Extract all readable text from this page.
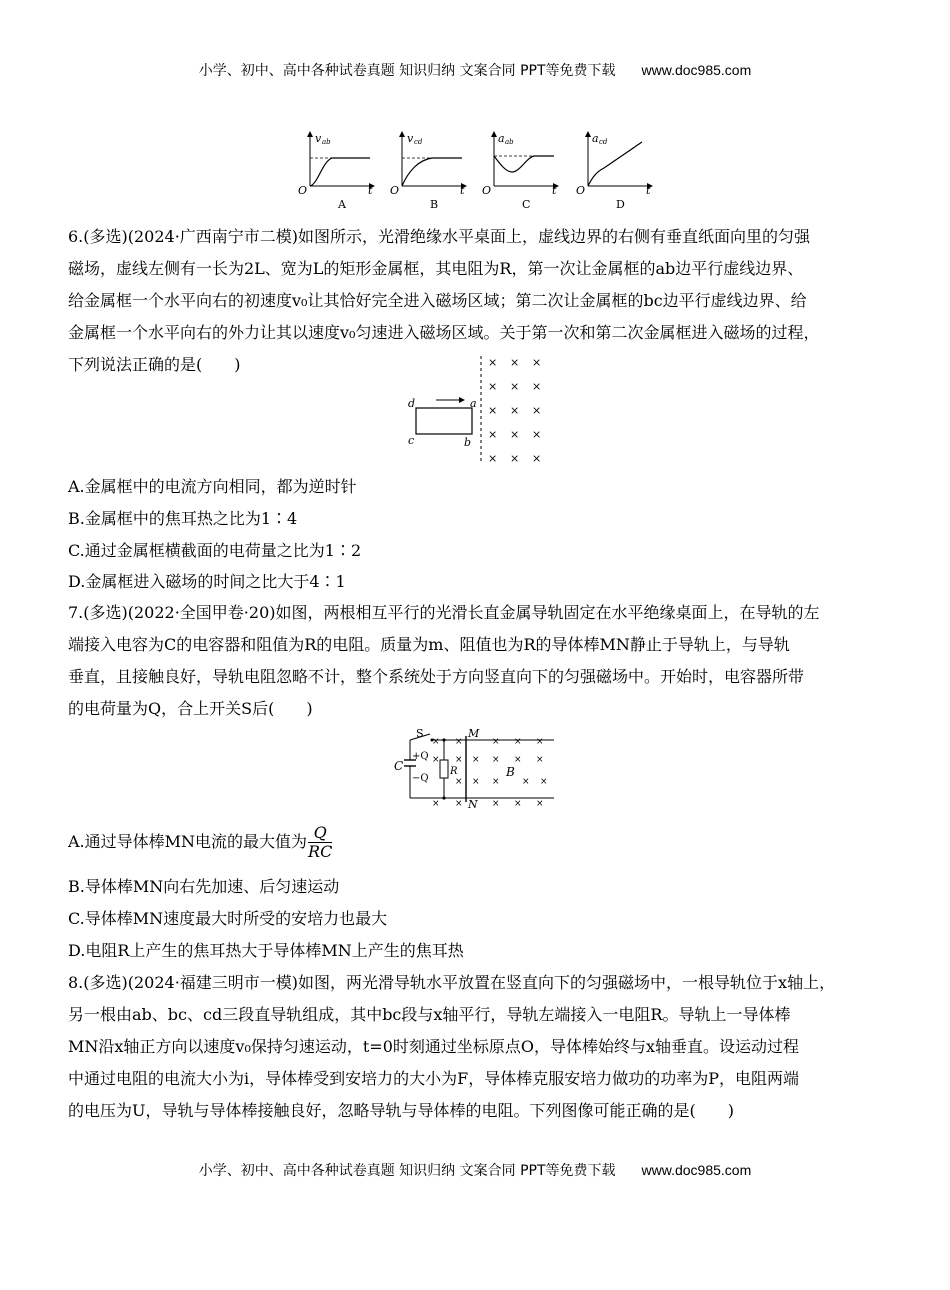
小学、初中、高中各种试卷真题 知识归纳 文案合同 PPT等免费下载 www.doc985.com
v ab
O	t
A
v cd
O	t
B
a ab
O	t
C
a cd
O	t
D
6.(多选)(2024·广西南宁市二模)如图所示，光滑绝缘水平桌面上，虚线边界的右侧有垂直纸面向里的匀强
磁场，虚线左侧有一长为2L、宽为L的矩形金属框，其电阻为R，第一次让金属框的ab边平行虚线边界、
给金属框一个水平向右的初速度v₀让其恰好完全进入磁场区域；第二次让金属框的bc边平行虚线边界、给
金属框一个水平向右的外力让其以速度v₀匀速进入磁场区域。关于第一次和第二次金属框进入磁场的过程，
下列说法正确的是(　　)
d	a
c	b
× × ×
× × ×
× × ×
× × ×
× × ×
A.金属框中的电流方向相同，都为逆时针
B.金属框中的焦耳热之比为1∶4
C.通过金属框横截面的电荷量之比为1∶2
D.金属框进入磁场的时间之比大于4∶1
7.(多选)(2022·全国甲卷·20)如图，两根相互平行的光滑长直金属导轨固定在水平绝缘桌面上，在导轨的左
端接入电容为C的电容器和阻值为R的电阻。质量为m、阻值也为R的导体棒MN静止于导轨上，与导轨
垂直，且接触良好，导轨电阻忽略不计，整个系统处于方向竖直向下的匀强磁场中。开始时，电容器所带
的电荷量为Q，合上开关S后(　　)
S	M
N
C
+Q
−Q
R	B
× ×	× × ×
× × × × × ×
× × × × ×
× ×	× × ×
A.通过导体棒MN电流的最大值为 $\frac{Q}{RC}$
B.导体棒MN向右先加速、后匀速运动
C.导体棒MN速度最大时所受的安培力也最大
D.电阻R上产生的焦耳热大于导体棒MN上产生的焦耳热
8.(多选)(2024·福建三明市一模)如图，两光滑导轨水平放置在竖直向下的匀强磁场中，一根导轨位于x轴上，
另一根由ab、bc、cd三段直导轨组成，其中bc段与x轴平行，导轨左端接入一电阻R。导轨上一导体棒
MN沿x轴正方向以速度v₀保持匀速运动，t=0时刻通过坐标原点O，导体棒始终与x轴垂直。设运动过程
中通过电阻的电流大小为i，导体棒受到安培力的大小为F，导体棒克服安培力做功的功率为P，电阻两端
的电压为U，导轨与导体棒接触良好，忽略导轨与导体棒的电阻。下列图像可能正确的是(　　)
小学、初中、高中各种试卷真题 知识归纳 文案合同 PPT等免费下载 www.doc985.com
